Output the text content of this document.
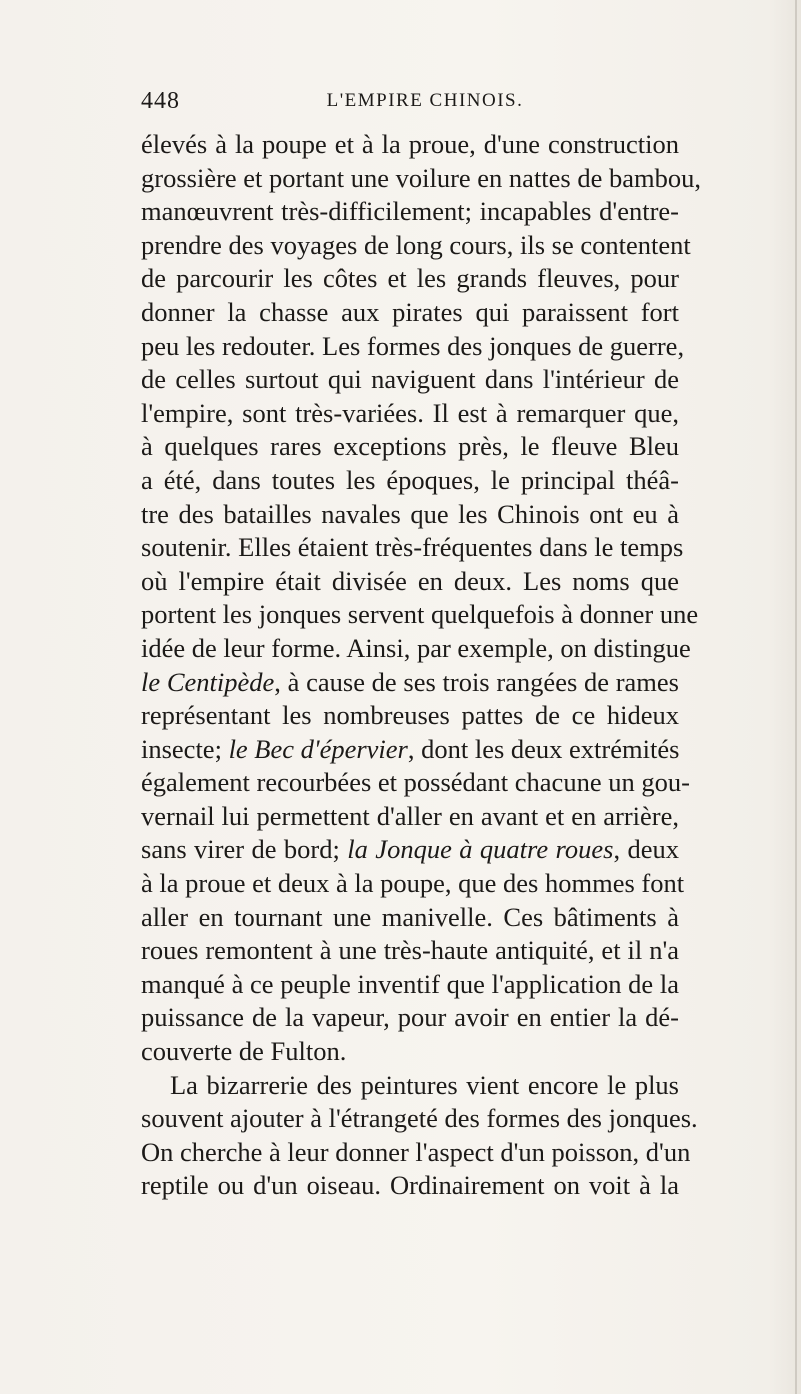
448	L'EMPIRE CHINOIS.
élevés à la poupe et à la proue, d'une construction
grossière et portant une voilure en nattes de bambou,
manœuvrent très-difficilement; incapables d'entre-
prendre des voyages de long cours, ils se contentent
de parcourir les côtes et les grands fleuves, pour
donner la chasse aux pirates qui paraissent fort
peu les redouter. Les formes des jonques de guerre,
de celles surtout qui naviguent dans l'intérieur de
l'empire, sont très-variées. Il est à remarquer que,
à quelques rares exceptions près, le fleuve Bleu
a été, dans toutes les époques, le principal théâ-
tre des batailles navales que les Chinois ont eu à
soutenir. Elles étaient très-fréquentes dans le temps
où l'empire était divisée en deux. Les noms que
portent les jonques servent quelquefois à donner une
idée de leur forme. Ainsi, par exemple, on distingue
le Centipède, à cause de ses trois rangées de rames
représentant les nombreuses pattes de ce hideux
insecte; le Bec d'épervier, dont les deux extrémités
également recourbées et possédant chacune un gou-
vernail lui permettent d'aller en avant et en arrière,
sans virer de bord; la Jonque à quatre roues, deux
à la proue et deux à la poupe, que des hommes font
aller en tournant une manivelle. Ces bâtiments à
roues remontent à une très-haute antiquité, et il n'a
manqué à ce peuple inventif que l'application de la
puissance de la vapeur, pour avoir en entier la dé-
couverte de Fulton.
La bizarrerie des peintures vient encore le plus
souvent ajouter à l'étrangeté des formes des jonques.
On cherche à leur donner l'aspect d'un poisson, d'un
reptile ou d'un oiseau. Ordinairement on voit à la
